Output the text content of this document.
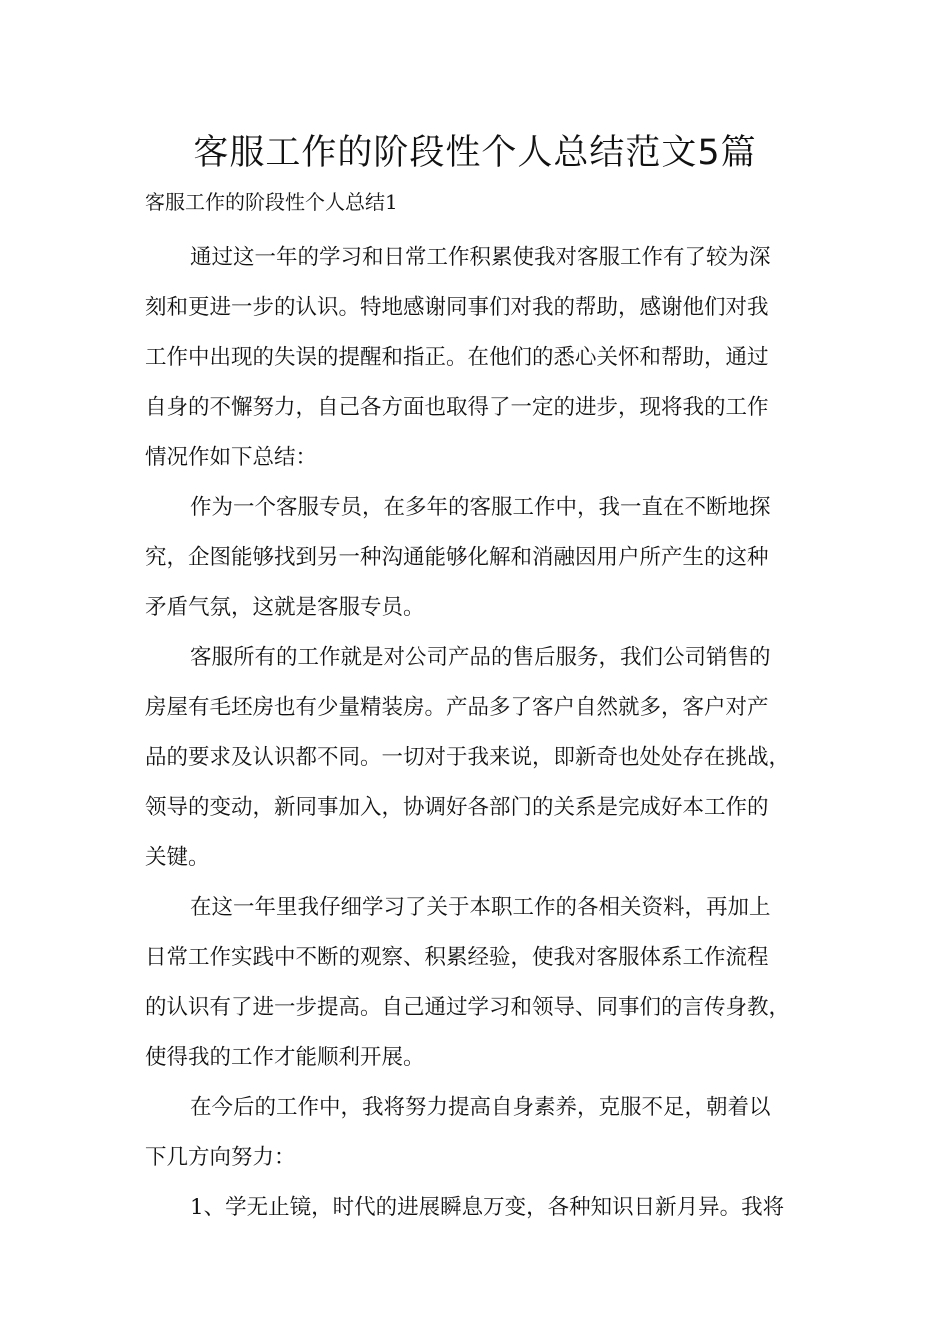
客服工作的阶段性个人总结范文5篇
客服工作的阶段性个人总结1

通过这一年的学习和日常工作积累使我对客服工作有了较为深
刻和更进一步的认识。特地感谢同事们对我的帮助，感谢他们对我
工作中出现的失误的提醒和指正。在他们的悉心关怀和帮助，通过
自身的不懈努力，自己各方面也取得了一定的进步，现将我的工作
情况作如下总结：

作为一个客服专员，在多年的客服工作中，我一直在不断地探
究，企图能够找到另一种沟通能够化解和消融因用户所产生的这种
矛盾气氛，这就是客服专员。

客服所有的工作就是对公司产品的售后服务，我们公司销售的
房屋有毛坯房也有少量精装房。产品多了客户自然就多，客户对产
品的要求及认识都不同。一切对于我来说，即新奇也处处存在挑战，
领导的变动，新同事加入，协调好各部门的关系是完成好本工作的
关键。

在这一年里我仔细学习了关于本职工作的各相关资料，再加上
日常工作实践中不断的观察、积累经验，使我对客服体系工作流程
的认识有了进一步提高。自己通过学习和领导、同事们的言传身教，
使得我的工作才能顺利开展。

在今后的工作中，我将努力提高自身素养，克服不足，朝着以
下几方向努力：

1、学无止镜，时代的进展瞬息万变，各种知识日新月异。我将
